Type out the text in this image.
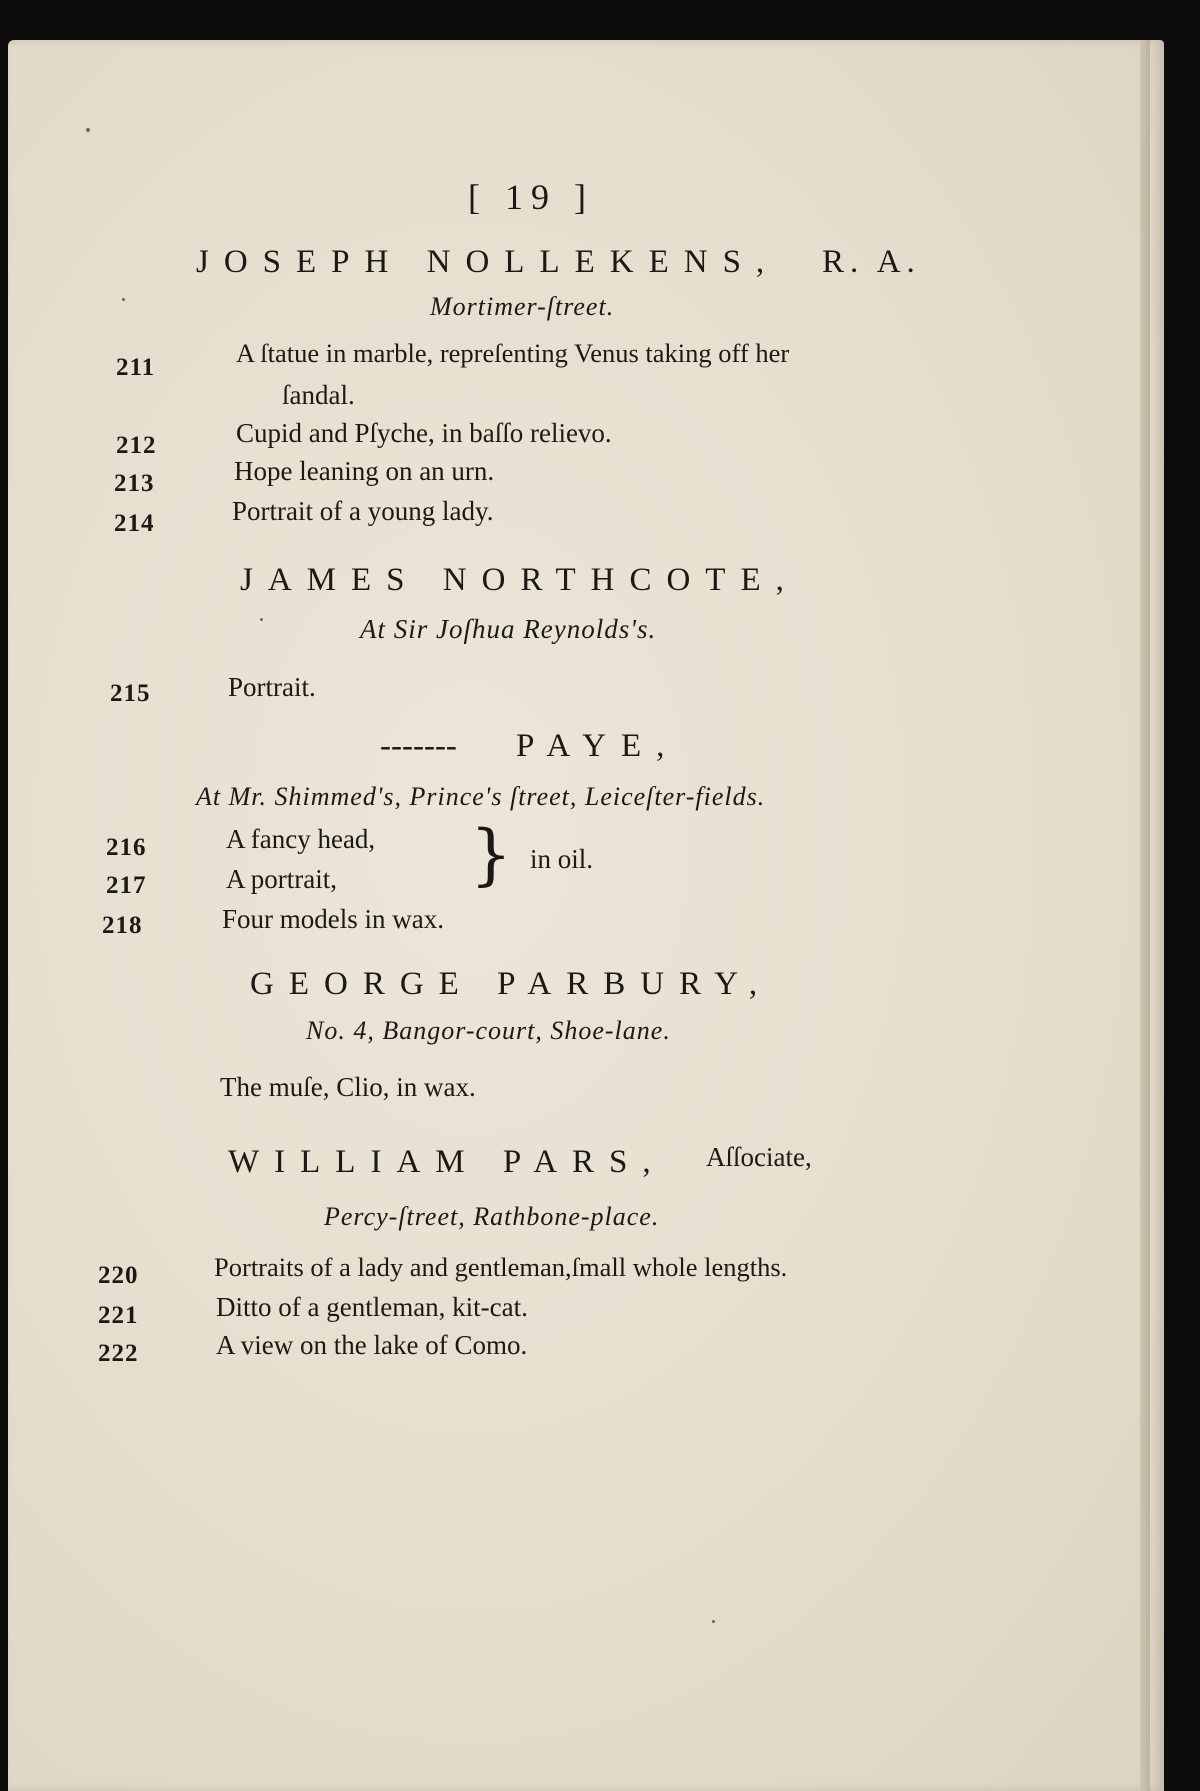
[ 19 ]
JOSEPH NOLLEKENS, R. A.
Mortimer-ſtreet.
211	A ſtatue in marble, repreſenting Venus taking off her
ſandal.
212	Cupid and Pſyche, in baſſo relievo.
213	Hope leaning on an urn.
214	Portrait of a young lady.
JAMES NORTHCOTE,
At Sir Joſhua Reynolds's.
215	Portrait.
------- PAYE,
At Mr. Shimmed's, Prince's ſtreet, Leiceſter-fields.
216	A fancy head,
217	A portrait, } in oil.
218	Four models in wax.
GEORGE PARBURY,
No. 4, Bangor-court, Shoe-lane.
The muſe, Clio, in wax.
WILLIAM PARS, Aſſociate,
Percy-ſtreet, Rathbone-place.
220	Portraits of a lady and gentleman,ſmall whole lengths.
221	Ditto of a gentleman, kit-cat.
222	A view on the lake of Como.
